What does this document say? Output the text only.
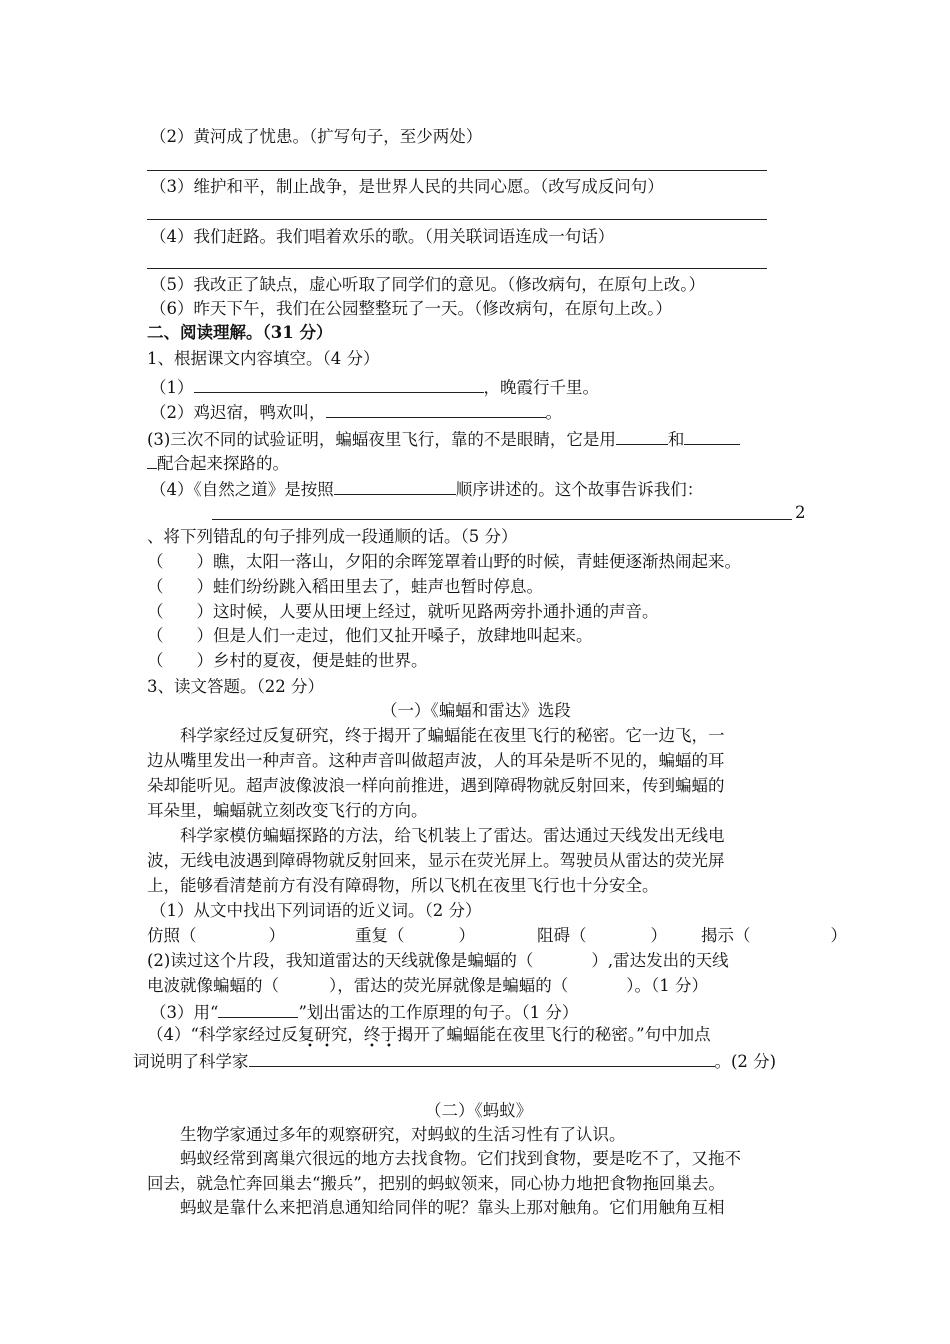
（2）黄河成了忧患。（扩写句子，至少两处）
（3）维护和平，制止战争，是世界人民的共同心愿。（改写成反问句）
（4）我们赶路。我们唱着欢乐的歌。（用关联词语连成一句话）
（5）我改正了缺点，虚心听取了同学们的意见。（修改病句，在原句上改。）
（6）昨天下午，我们在公园整整玩了一天。（修改病句，在原句上改。）
二、阅读理解。（31 分）
1、根据课文内容填空。（4 分）
（1）	，晚霞行千里。
（2）鸡迟宿，鸭欢叫，	。
(3)三次不同的试验证明，蝙蝠夜里飞行，靠的不是眼睛，它是用	和
配合起来探路的。
（4）《自然之道》是按照	顺序讲述的。这个故事告诉我们：
2
、将下列错乱的句子排列成一段通顺的话。（5 分）
（　　）瞧，太阳一落山，夕阳的余晖笼罩着山野的时候，青蛙便逐渐热闹起来。
（　　）蛙们纷纷跳入稻田里去了，蛙声也暂时停息。
（　　）这时候，人要从田埂上经过，就听见路两旁扑通扑通的声音。
（　　）但是人们一走过，他们又扯开嗓子，放肆地叫起来。
（　　）乡村的夏夜，便是蛙的世界。
3、读文答题。（22 分）
（一）《蝙蝠和雷达》选段
科学家经过反复研究，终于揭开了蝙蝠能在夜里飞行的秘密。它一边飞，一
边从嘴里发出一种声音。这种声音叫做超声波，人的耳朵是听不见的，蝙蝠的耳
朵却能听见。超声波像波浪一样向前推进，遇到障碍物就反射回来，传到蝙蝠的
耳朵里，蝙蝠就立刻改变飞行的方向。
科学家模仿蝙蝠探路的方法，给飞机装上了雷达。雷达通过天线发出无线电
波，无线电波遇到障碍物就反射回来，显示在荧光屏上。驾驶员从雷达的荧光屏
上，能够看清楚前方有没有障碍物，所以飞机在夜里飞行也十分安全。
（1）从文中找出下列词语的近义词。（2 分）
仿照（	）	重复（	）	阻碍（	） 揭示（	）
(2)读过这个片段，我知道雷达的天线就像是蝙蝠的（	）,雷达发出的天线
电波就像蝙蝠的（	），雷达的荧光屏就像是蝙蝠的（	）。（1 分）
（3）用“	”划出雷达的工作原理的句子。（1 分）
（4）“科学家经过反复研究，终于揭开了蝙蝠能在夜里飞行的秘密。”句中加点
• •	• •
词说明了科学家	。(2 分)
（二）《蚂蚁》
生物学家通过多年的观察研究，对蚂蚁的生活习性有了认识。
蚂蚁经常到离巢穴很远的地方去找食物。它们找到食物，要是吃不了，又拖不
回去，就急忙奔回巢去“搬兵”，把别的蚂蚁领来，同心协力地把食物拖回巢去。
蚂蚁是靠什么来把消息通知给同伴的呢？靠头上那对触角。它们用触角互相
